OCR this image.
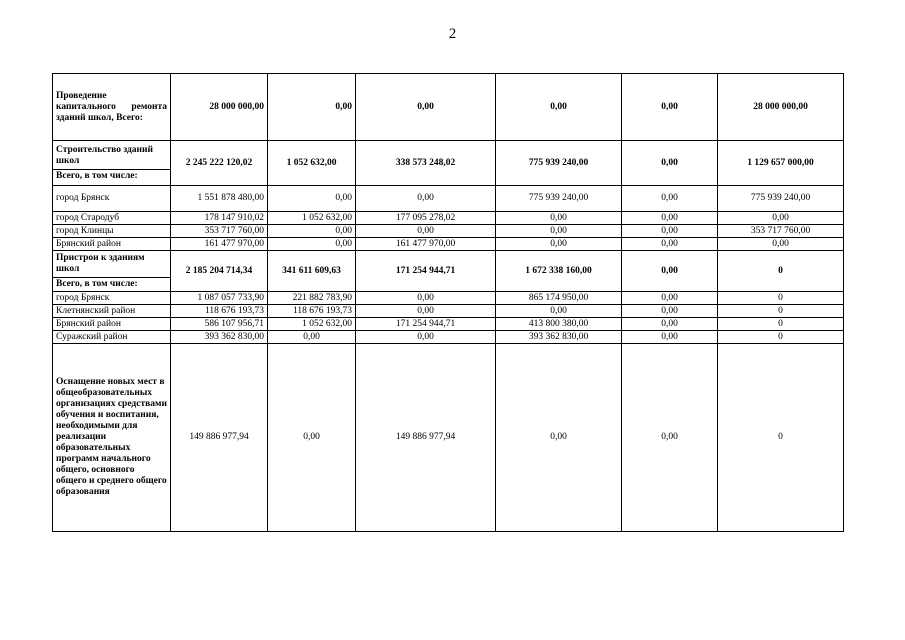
2
Проведение капитального ремонта зданий школ, Всего:	28 000 000,00	0,00	0,00	0,00	0,00	28 000 000,00

Строительство зданий школ
Всего, в том числе:	2 245 222 120,02	1 052 632,00	338 573 248,02	775 939 240,00	0,00	1 129 657 000,00
город Брянск	1 551 878 480,00	0,00	0,00	775 939 240,00	0,00	775 939 240,00
город Стародуб	178 147 910,02	1 052 632,00	177 095 278,02	0,00	0,00	0,00
город Клинцы	353 717 760,00	0,00	0,00	0,00	0,00	353 717 760,00
Брянский район	161 477 970,00	0,00	161 477 970,00	0,00	0,00	0,00

Пристрои к зданиям школ
Всего, в том числе:	2 185 204 714,34	341 611 609,63	171 254 944,71	1 672 338 160,00	0,00	0
город Брянск	1 087 057 733,90	221 882 783,90	0,00	865 174 950,00	0,00	0
Клетнянский район	118 676 193,73	118 676 193,73	0,00	0,00	0,00	0
Брянский район	586 107 956,71	1 052 632,00	171 254 944,71	413 800 380,00	0,00	0
Суражский район	393 362 830,00	0,00	0,00	393 362 830,00	0,00	0
Оснащение новых мест в общеобразовательных организациях средствами обучения и воспитания, необходимыми для реализации образовательных программ начального общего, основного общего и среднего общего образования	149 886 977,94	0,00	149 886 977,94	0,00	0,00	0
